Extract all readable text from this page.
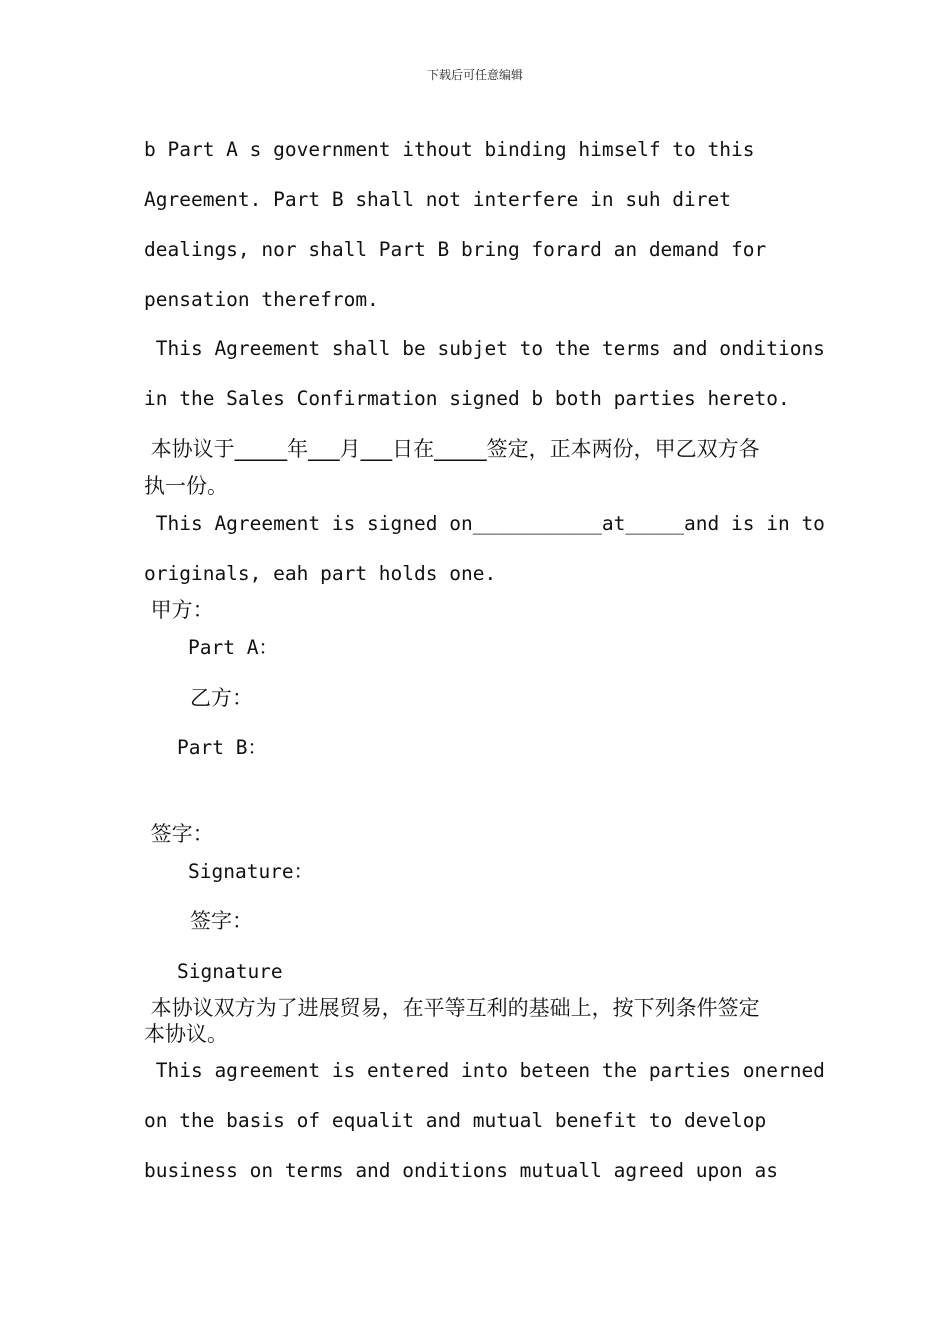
下载后可任意编辑
b Part A s government ithout binding himself to this
Agreement. Part B shall not interfere in suh diret
dealings, nor shall Part B bring forard an demand for
pensation therefrom.
This Agreement shall be subjet to the terms and onditions
in the Sales Confirmation signed b both parties hereto.
本协议于_____年___月___日在_____签定，正本两份，甲乙双方各
执一份。
This Agreement is signed on___________at_____and is in to
originals, eah part holds one.
甲方：
Part A：
乙方：
Part B：
签字：
Signature：
签字：
Signature
本协议双方为了进展贸易，在平等互利的基础上，按下列条件签定
本协议。
This agreement is entered into beteen the parties onerned
on the basis of equalit and mutual benefit to develop
business on terms and onditions mutuall agreed upon as
